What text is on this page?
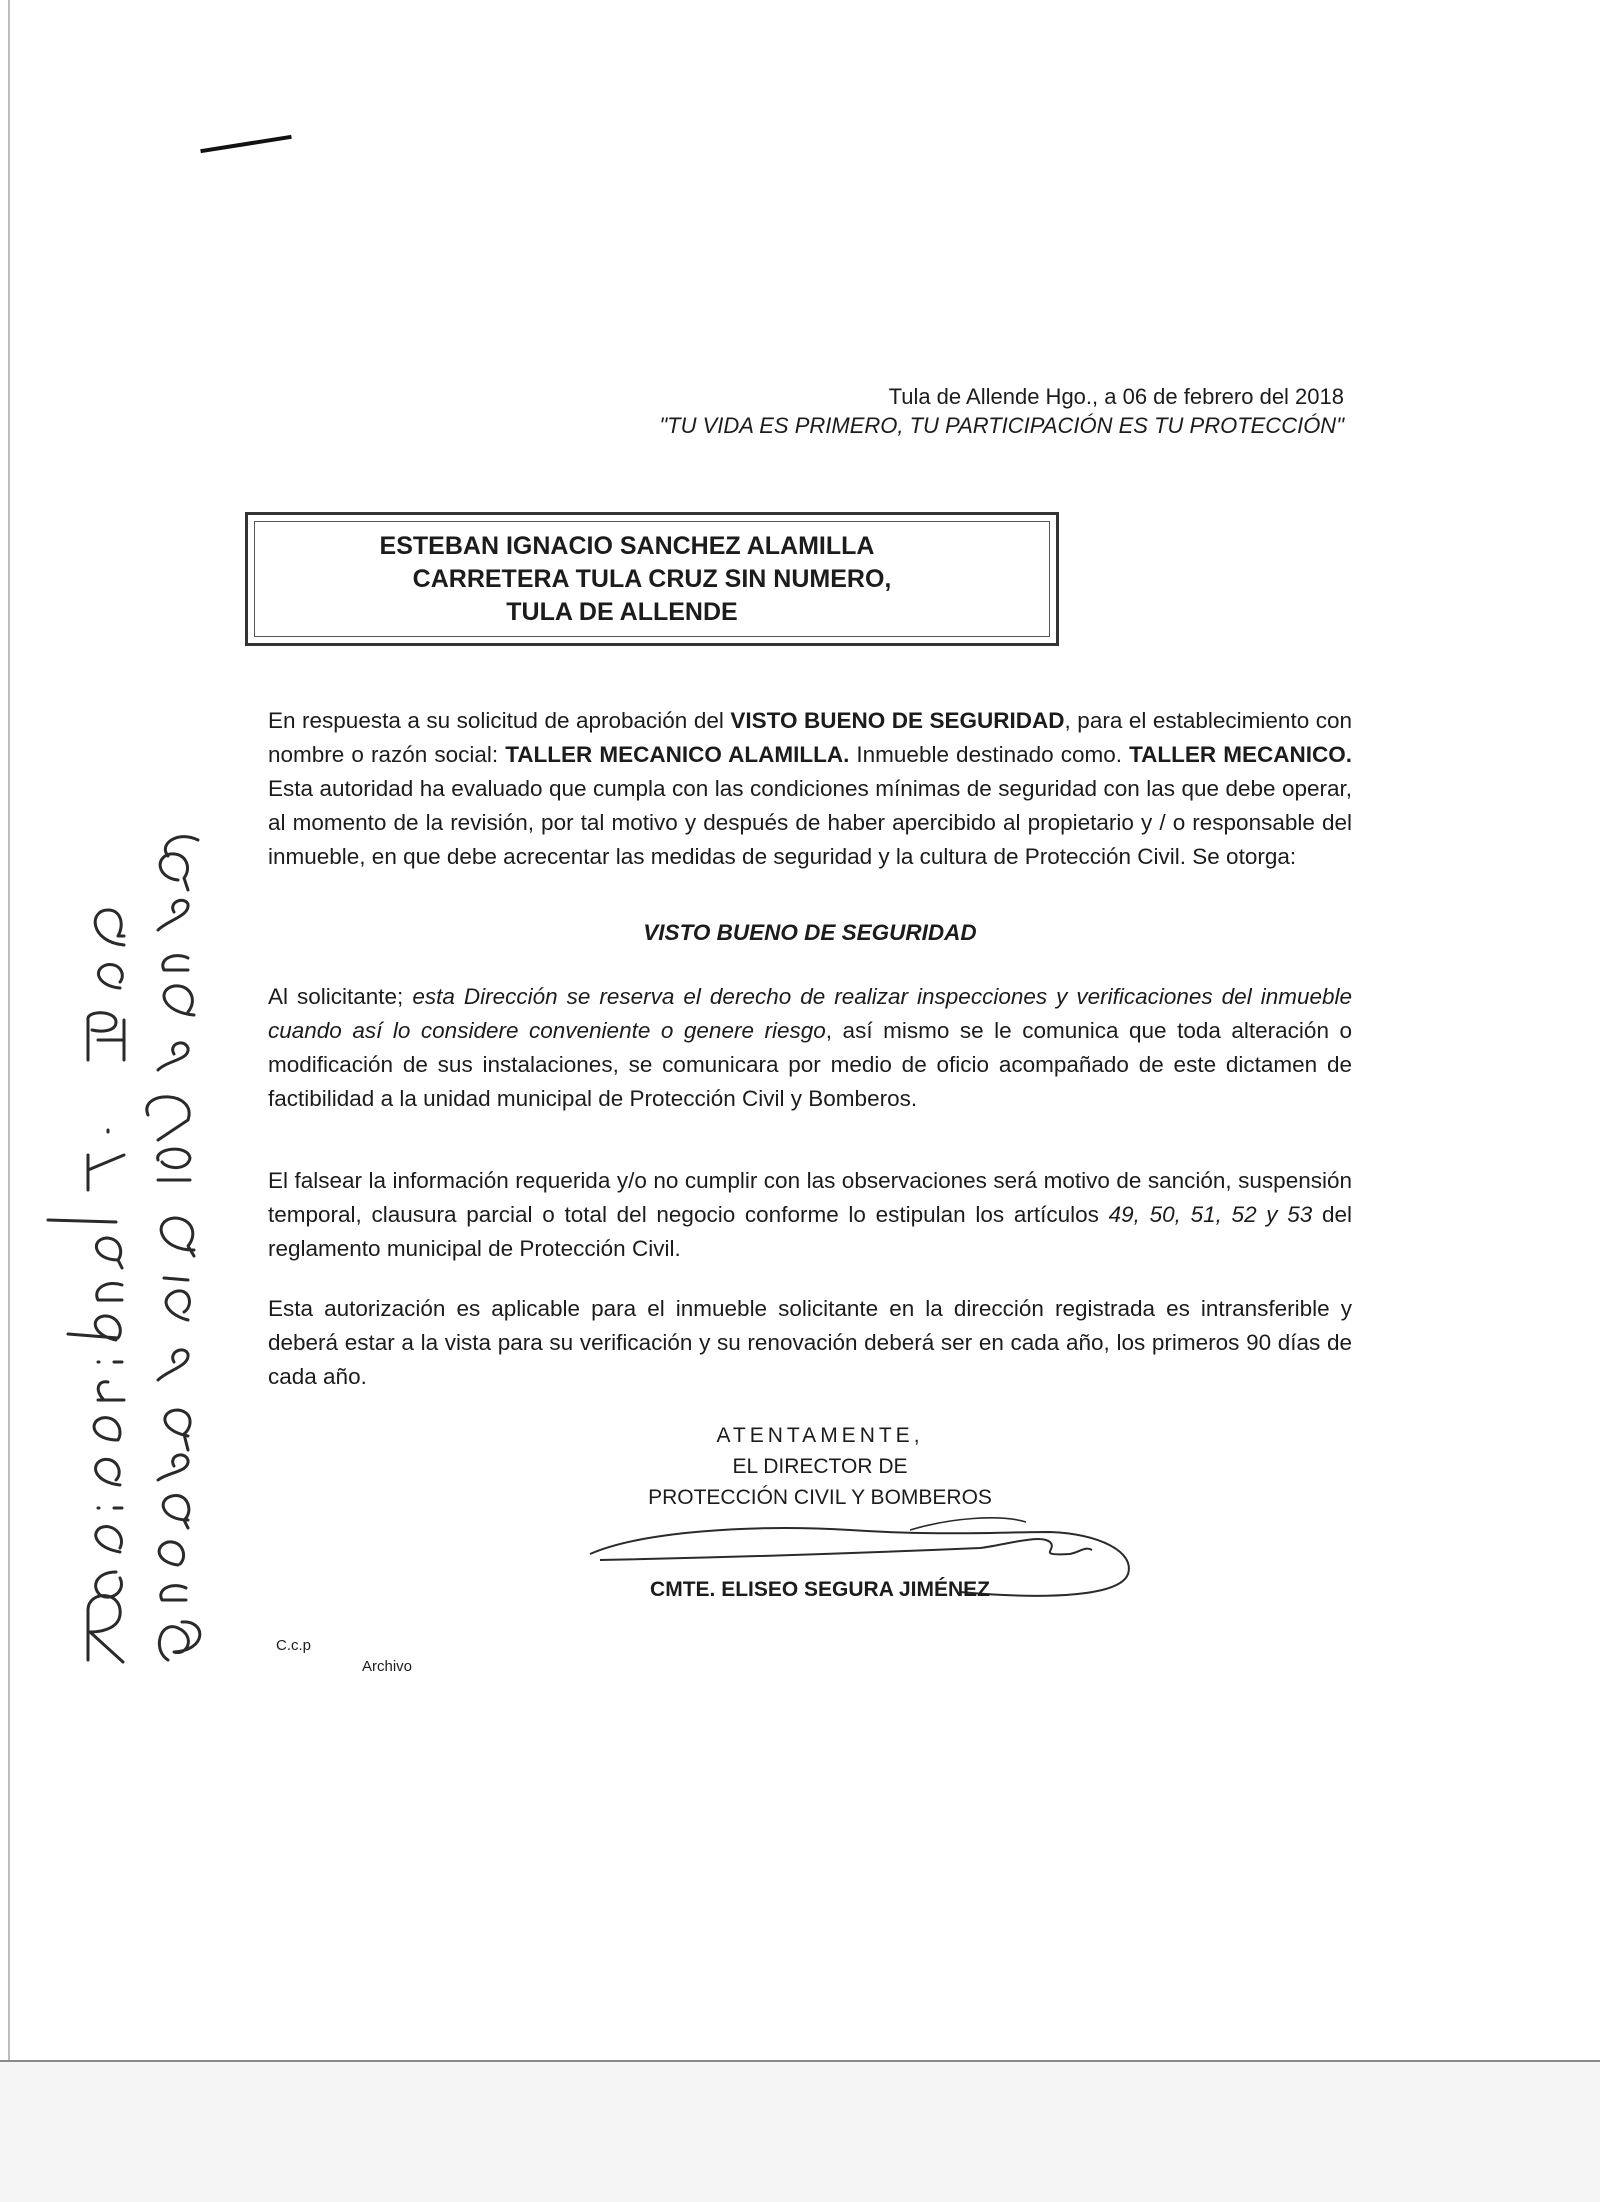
Tula de Allende Hgo., a 06 de febrero del 2018
"TU VIDA ES PRIMERO, TU PARTICIPACIÓN ES TU PROTECCIÓN"
ESTEBAN IGNACIO SANCHEZ ALAMILLA
CARRETERA TULA CRUZ SIN NUMERO,
TULA DE ALLENDE
En respuesta a su solicitud de aprobación del VISTO BUENO DE SEGURIDAD, para el establecimiento con nombre o razón social: TALLER MECANICO ALAMILLA. Inmueble destinado como. TALLER MECANICO. Esta autoridad ha evaluado que cumpla con las condiciones mínimas de seguridad con las que debe operar, al momento de la revisión, por tal motivo y después de haber apercibido al propietario y / o responsable del inmueble, en que debe acrecentar las medidas de seguridad y la cultura de Protección Civil. Se otorga:
VISTO BUENO DE SEGURIDAD
Al solicitante; esta Dirección se reserva el derecho de realizar inspecciones y verificaciones del inmueble cuando así lo considere conveniente o genere riesgo, así mismo se le comunica que toda alteración o modificación de sus instalaciones, se comunicara por medio de oficio acompañado de este dictamen de factibilidad a la unidad municipal de Protección Civil y Bomberos.
El falsear la información requerida y/o no cumplir con las observaciones será motivo de sanción, suspensión temporal, clausura parcial o total del negocio conforme lo estipulan los artículos 49, 50, 51, 52 y 53 del reglamento municipal de Protección Civil.
Esta autorización es aplicable para el inmueble solicitante en la dirección registrada es intransferible y deberá estar a la vista para su verificación y su renovación deberá ser en cada año, los primeros 90 días de cada año.
ATENTAMENTE,
EL DIRECTOR DE
PROTECCIÓN CIVIL Y BOMBEROS
CMTE. ELISEO SEGURA JIMÉNEZ
C.c.p
Archivo
